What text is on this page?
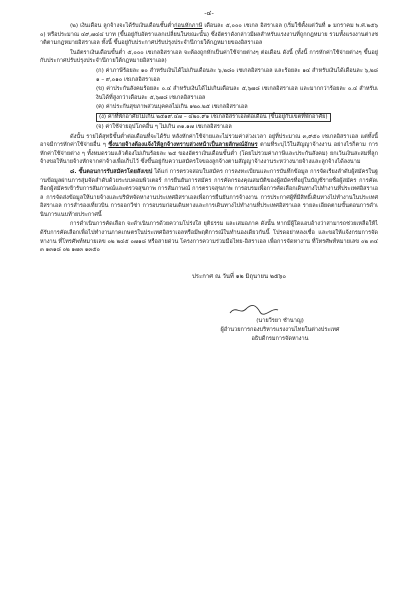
-๔-

(๒) เงินเดือน ลูกจ้างจะได้รับเงินเดือนชั้นต่ำก่อนหักภาษี เดือนละ ๕,๐๐๐ เชเกล อิสราเอล (เริ่มใช้ตั้งแต่วันที่ ๑ มกราคม พ.ศ.๒๕๖๐) หรือประมาณ ๔๙,๗๔๔ บาท (ขึ้นอยู่กับอัตราแลกเปลี่ยนในขณะนั้น) ซึ่งอัตราดังกล่าวมีผลสำหรับแรงงานที่ถูกกฎหมาย รวมทั้งแรงงานต่างชาติตามกฎหมายอิสราเอล ทั้งนี้ ขึ้นอยู่กับประกาศปรับปรุงประจำปีภายใต้กฎหมายของอิสราเอล

ในอัตราเงินเดือนขั้นต่ำ ๕,๐๐๐ เชเกลอิสราเอล จะต้องถูกหักเป็นค่าใช้จ่ายต่างๆ ต่อเดือน ดังนี้ (ทั้งนี้ การหักค่าใช้จ่ายต่างๆ ขึ้นอยู่กับประกาศปรับปรุงประจำปีภายใต้กฎหมายอิสราเอล)

(ก) ค่าภาษีร้อยละ ๑๐ สำหรับเงินได้ไม่เกินเดือนละ ๖,๒๘๐ เชเกลอิสราเอล และร้อยละ ๑๔ สำหรับเงินได้เดือนละ ๖,๒๘๑ – ๙,๐๑๐ เชเกลอิสราเอล

(ข) ค่าประกันสังคมร้อยละ ๐.๔ สำหรับเงินได้ไม่เกินเดือนละ ๕,๖๗๘ เชเกลอิสราเอล และมากกว่าร้อยละ ๐.๔ สำหรับเงินได้ที่สูงกว่าเดือนละ ๕,๖๗๘ เชเกลอิสราเอล

(ค) ค่าประกันสุขภาพส่วนบุคคลไม่เกิน ๑๒๐.๒๕ เชเกลอิสราเอล

(ง) ค่าที่พักอาศัยไม่เกิน ๒๕๑๙.๔๗ – ๔๒๐.๙๑ เชเกลอิสราเอลต่อเดือน (ขึ้นอยู่กับเขตที่พักอาศัย)

(จ) ค่าใช้จ่ายอุปโภคอื่น ๆ ไม่เกิน ๓๑.๑๗ เชเกลอิสราเอล

ดังนั้น รายได้สุทธิขั้นต่ำต่อเดือนที่จะได้รับ หลังหักค่าใช้จ่ายและไม่รวมค่าล่วงเวลา อยู่ที่ประมาณ ๓,๙๕๐ เชเกลอิสราเอล แต่ทั้งนี้อาจมีการหักค่าใช้จ่ายอื่น ๆ ซึ่งนายจ้างต้องแจ้งให้ลูกจ้างทราบล่วงหน้าเป็นลายลักษณ์อักษร ตามที่ระบุไว้ในสัญญาจ้างงาน อย่างไรก็ตาม การหักค่าใช้จ่ายต่าง ๆ ทั้งหมดรวมแล้วต้องไม่เกินร้อยละ ๒๕ ของอัตราเงินเดือนขั้นต่ำ (โดยไม่รวมค่าภาษีและประกันสังคม) ยกเว้นเงินสะสมที่ลูกจ้างขอให้นายจ้างหักจากค่าจ้างเพื่อเก็บไว้ ซึ่งขึ้นอยู่กับความสมัครใจของลูกจ้างตามสัญญาจ้างงานระหว่างนายจ้างและลูกจ้างได้ลงนาม

๘. ขั้นตอนการรับสมัครโดยสังเขป ได้แก่ การตรวจสอบใบสมัคร การลงทะเบียนและการบันทึกข้อมูล การจัดเรียงลำดับผู้สมัครในฐานข้อมูลผ่านการสุ่มจัดลำดับด้วยระบบคอมพิวเตอร์ การยืนยันการสมัคร การคัดกรองคุณสมบัติของผู้สมัครที่อยู่ในบัญชีรายชื่อผู้สมัคร การคัดเลือกผู้สมัครเข้ารับการสัมภาษณ์และตรวจสุขภาพ การสัมภาษณ์ การตรวจสุขภาพ การอบรมเพื่อการคัดเลือกเดินทางไปทำงานที่ประเทศอิสราเอล การจัดส่งข้อมูลให้นายจ้างและบริษัทจัดหางานประเทศอิสราเอลเพื่อการยืนยันการจ้างงาน การประกาศผู้ที่มีสิทธิ์เดินทางไปทำงานในประเทศอิสราเอล การสำรองเที่ยวบิน การออกวีซ่า การอบรมก่อนเดินทางและการเดินทางไปทำงานที่ประเทศอิสราเอล รายละเอียดตามขั้นตอนการดำเนินการแนบท้ายประกาศนี้

การดำเนินการคัดเลือก จะดำเนินการด้วยความโปร่งใส ยุติธรรม และเสมอภาค ดังนั้น หากมีผู้ใดแอบอ้างว่าสามารถช่วยเหลือให้ได้รับการคัดเลือกเพื่อไปทำงานภาคเกษตรในประเทศอิสราเอลหรือมีพฤติการณ์ในทำนองเดียวกันนี้ โปรดอย่าหลงเชื่อ และขอให้แจ้งกรมการจัดหางาน ที่โทรศัพท์หมายเลข ๐๒ ๒๔๕ ๐๗๑๘ หรือสายด่วน โครงการความร่วมมือไทย-อิสราเอล เพื่อการจัดหางาน ที่โทรศัพท์หมายเลข ๐๒ ๓๔๓ ๑๓๑๘ ๐๒ ๑๗๓ ๑๓๕๐

ประกาศ ณ วันที่ ๑๒ มิถุนายน ๒๕๖๐
(นายวีรยา ชำนาญ)
ผู้อำนวยการกองบริหารแรงงานไทยในต่างประเทศ
อธิบดีกรมการจัดหางาน
